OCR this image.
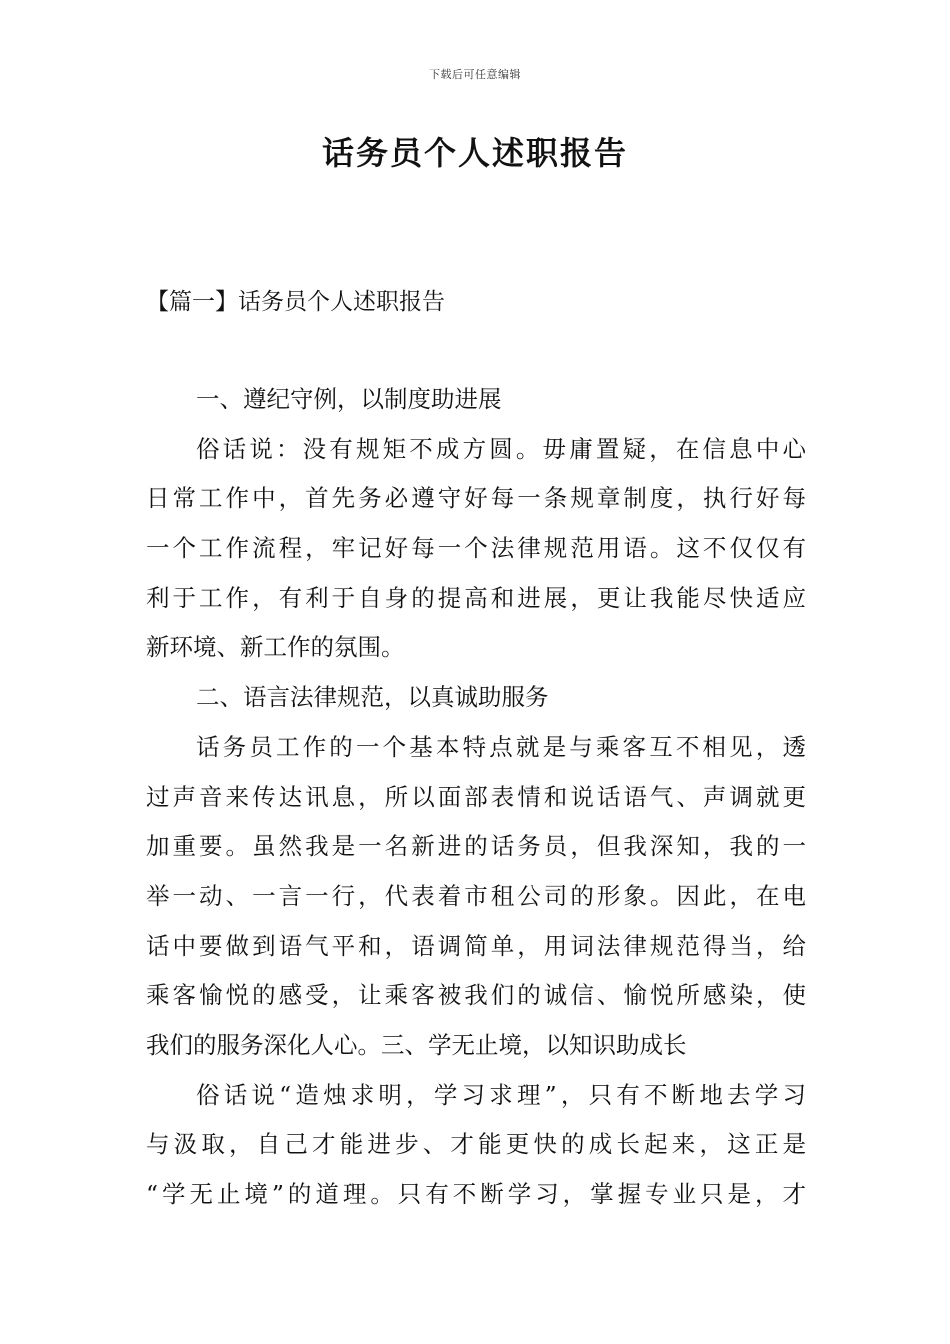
下载后可任意编辑
话务员个人述职报告
【篇一】话务员个人述职报告
一、遵纪守例，以制度助进展
俗话说：没有规矩不成方圆。毋庸置疑，在信息中心
日常工作中，首先务必遵守好每一条规章制度，执行好每
一个工作流程，牢记好每一个法律规范用语。这不仅仅有
利于工作，有利于自身的提高和进展，更让我能尽快适应
新环境、新工作的氛围。
二、语言法律规范，以真诚助服务
话务员工作的一个基本特点就是与乘客互不相见，透
过声音来传达讯息，所以面部表情和说话语气、声调就更
加重要。虽然我是一名新进的话务员，但我深知，我的一
举一动、一言一行，代表着市租公司的形象。因此，在电
话中要做到语气平和，语调简单，用词法律规范得当，给
乘客愉悦的感受，让乘客被我们的诚信、愉悦所感染，使
我们的服务深化人心。三、学无止境，以知识助成长
俗话说“造烛求明，学习求理”，只有不断地去学习
与汲取，自己才能进步、才能更快的成长起来，这正是
“学无止境”的道理。只有不断学习，掌握专业只是，才
